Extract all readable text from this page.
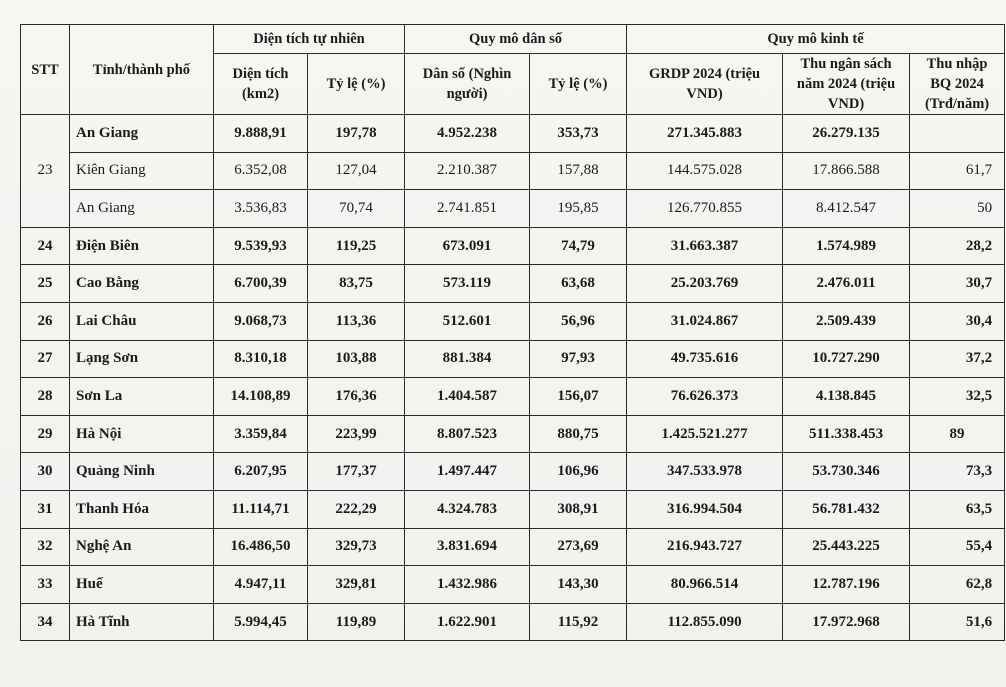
STT	Tỉnh/thành phố	Diện tích tự nhiên		Quy mô dân số		Quy mô kinh tế		
		Diện tích (km2)	Tỷ lệ (%)	Dân số (Nghìn người)	Tỷ lệ (%)	GRDP 2024 (triệu VND)	Thu ngân sách năm 2024 (triệu VND)	Thu nhập BQ 2024 (Trđ/năm)
23	An Giang	9.888,91	197,78	4.952.238	353,73	271.345.883	26.279.135	
	Kiên Giang	6.352,08	127,04	2.210.387	157,88	144.575.028	17.866.588	61,7
	An Giang	3.536,83	70,74	2.741.851	195,85	126.770.855	8.412.547	50
24	Điện Biên	9.539,93	119,25	673.091	74,79	31.663.387	1.574.989	28,2
25	Cao Bằng	6.700,39	83,75	573.119	63,68	25.203.769	2.476.011	30,7
26	Lai Châu	9.068,73	113,36	512.601	56,96	31.024.867	2.509.439	30,4
27	Lạng Sơn	8.310,18	103,88	881.384	97,93	49.735.616	10.727.290	37,2
28	Sơn La	14.108,89	176,36	1.404.587	156,07	76.626.373	4.138.845	32,5
29	Hà Nội	3.359,84	223,99	8.807.523	880,75	1.425.521.277	511.338.453	89
30	Quảng Ninh	6.207,95	177,37	1.497.447	106,96	347.533.978	53.730.346	73,3
31	Thanh Hóa	11.114,71	222,29	4.324.783	308,91	316.994.504	56.781.432	63,5
32	Nghệ An	16.486,50	329,73	3.831.694	273,69	216.943.727	25.443.225	55,4
33	Huế	4.947,11	329,81	1.432.986	143,30	80.966.514	12.787.196	62,8
34	Hà Tĩnh	5.994,45	119,89	1.622.901	115,92	112.855.090	17.972.968	51,6
